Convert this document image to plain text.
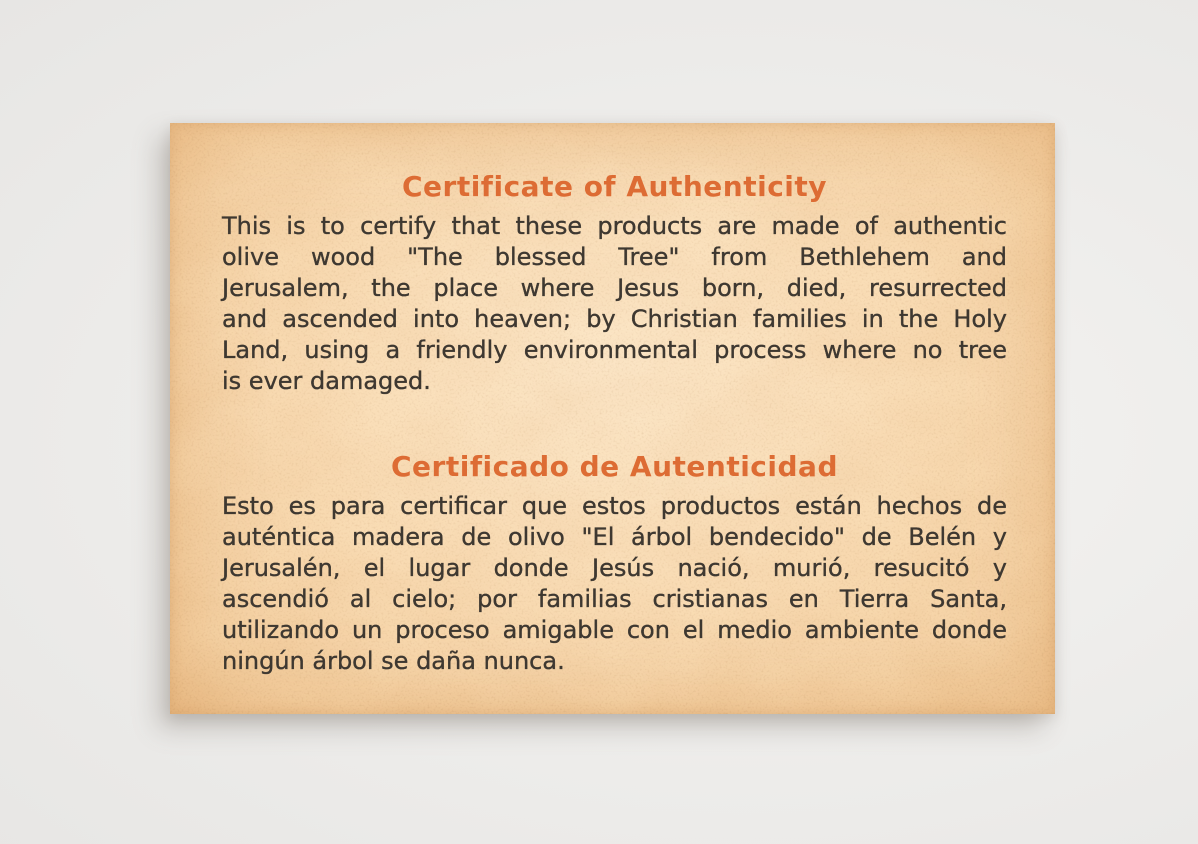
Certificate of Authenticity

This is to certify that these products are made of authentic
olive wood "The blessed Tree" from Bethlehem and
Jerusalem, the place where Jesus born, died, resurrected
and ascended into heaven; by Christian families in the Holy
Land, using a friendly environmental process where no tree
is ever damaged.

Certificado de Autenticidad

Esto es para certificar que estos productos están hechos de
auténtica madera de olivo "El árbol bendecido" de Belén y
Jerusalén, el lugar donde Jesús nació, murió, resucitó y
ascendió al cielo; por familias cristianas en Tierra Santa,
utilizando un proceso amigable con el medio ambiente donde
ningún árbol se daña nunca.
